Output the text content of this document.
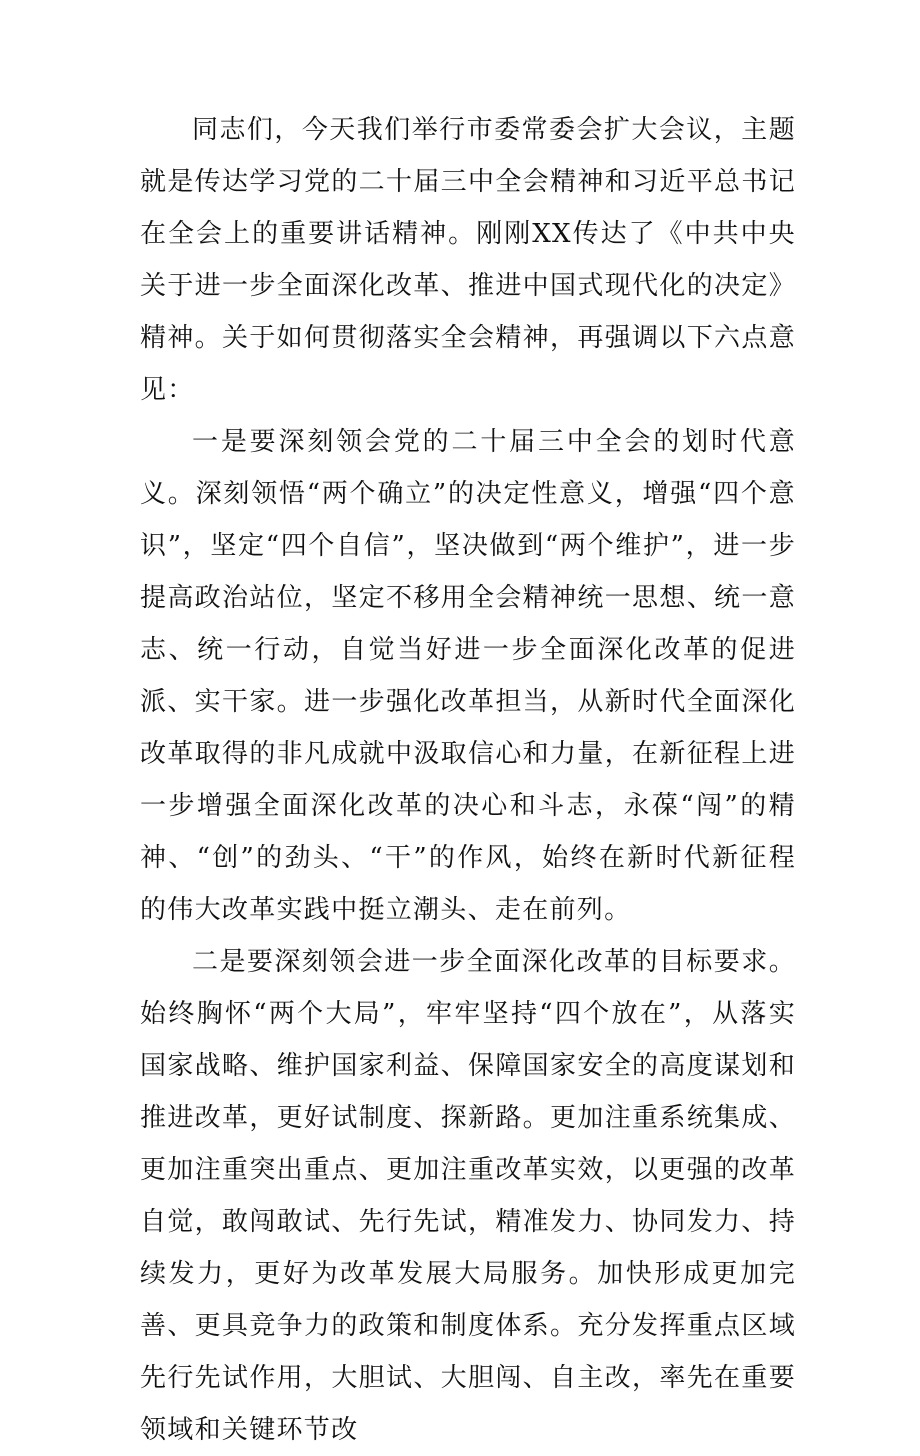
同志们，今天我们举行市委常委会扩大会议，主题就是传达学习党的二十届三中全会精神和习近平总书记在全会上的重要讲话精神。刚刚XX传达了《中共中央关于进一步全面深化改革、推进中国式现代化的决定》精神。关于如何贯彻落实全会精神，再强调以下六点意见：

一是要深刻领会党的二十届三中全会的划时代意义。深刻领悟“两个确立”的决定性意义，增强“四个意识”，坚定“四个自信”，坚决做到“两个维护”，进一步提高政治站位，坚定不移用全会精神统一思想、统一意志、统一行动，自觉当好进一步全面深化改革的促进派、实干家。进一步强化改革担当，从新时代全面深化改革取得的非凡成就中汲取信心和力量，在新征程上进一步增强全面深化改革的决心和斗志，永葆“闯”的精神、“创”的劲头、“干”的作风，始终在新时代新征程的伟大改革实践中挺立潮头、走在前列。

二是要深刻领会进一步全面深化改革的目标要求。始终胸怀“两个大局”，牢牢坚持“四个放在”，从落实国家战略、维护国家利益、保障国家安全的高度谋划和推进改革，更好试制度、探新路。更加注重系统集成、更加注重突出重点、更加注重改革实效，以更强的改革自觉，敢闯敢试、先行先试，精准发力、协同发力、持续发力，更好为改革发展大局服务。加快形成更加完善、更具竞争力的政策和制度体系。充分发挥重点区域先行先试作用，大胆试、大胆闯、自主改，率先在重要领域和关键环节改
